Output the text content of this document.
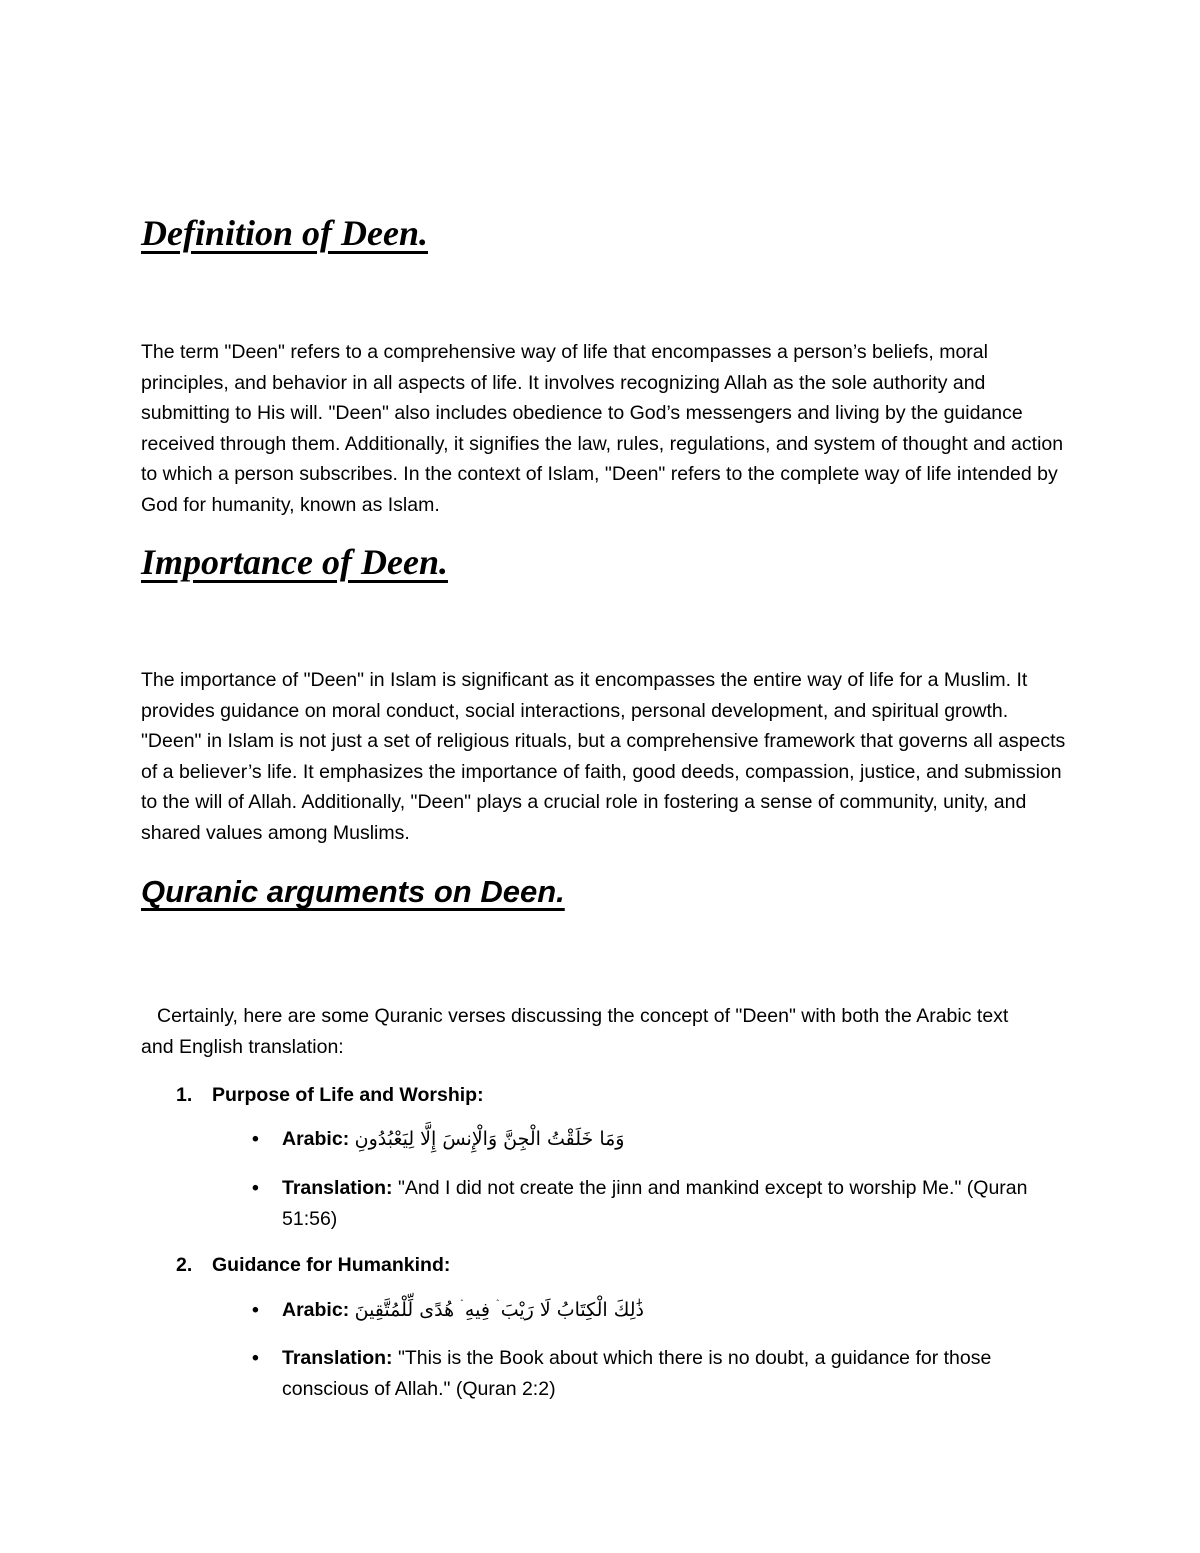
Definition of Deen.

The term "Deen" refers to a comprehensive way of life that encompasses a person’s beliefs, moral principles, and behavior in all aspects of life. It involves recognizing Allah as the sole authority and submitting to His will. "Deen" also includes obedience to God’s messengers and living by the guidance received through them. Additionally, it signifies the law, rules, regulations, and system of thought and action to which a person subscribes. In the context of Islam, "Deen" refers to the complete way of life intended by God for humanity, known as Islam.

Importance of Deen.

The importance of "Deen" in Islam is significant as it encompasses the entire way of life for a Muslim. It provides guidance on moral conduct, social interactions, personal development, and spiritual growth. "Deen" in Islam is not just a set of religious rituals, but a comprehensive framework that governs all aspects of a believer’s life. It emphasizes the importance of faith, good deeds, compassion, justice, and submission to the will of Allah. Additionally, "Deen" plays a crucial role in fostering a sense of community, unity, and shared values among Muslims.

Quranic arguments on Deen.

Certainly, here are some Quranic verses discussing the concept of "Deen" with both the Arabic text and English translation:

1. Purpose of Life and Worship:
• Arabic: وَمَا خَلَقْتُ الْجِنَّ وَالْإِنسَ إِلَّا لِيَعْبُدُونِ
• Translation: "And I did not create the jinn and mankind except to worship Me." (Quran 51:56)
2. Guidance for Humankind:
• Arabic: ذَٰلِكَ الْكِتَابُ لَا رَيْبَ ۛ فِيهِ ۛ هُدًى لِّلْمُتَّقِينَ
• Translation: "This is the Book about which there is no doubt, a guidance for those conscious of Allah." (Quran 2:2)
